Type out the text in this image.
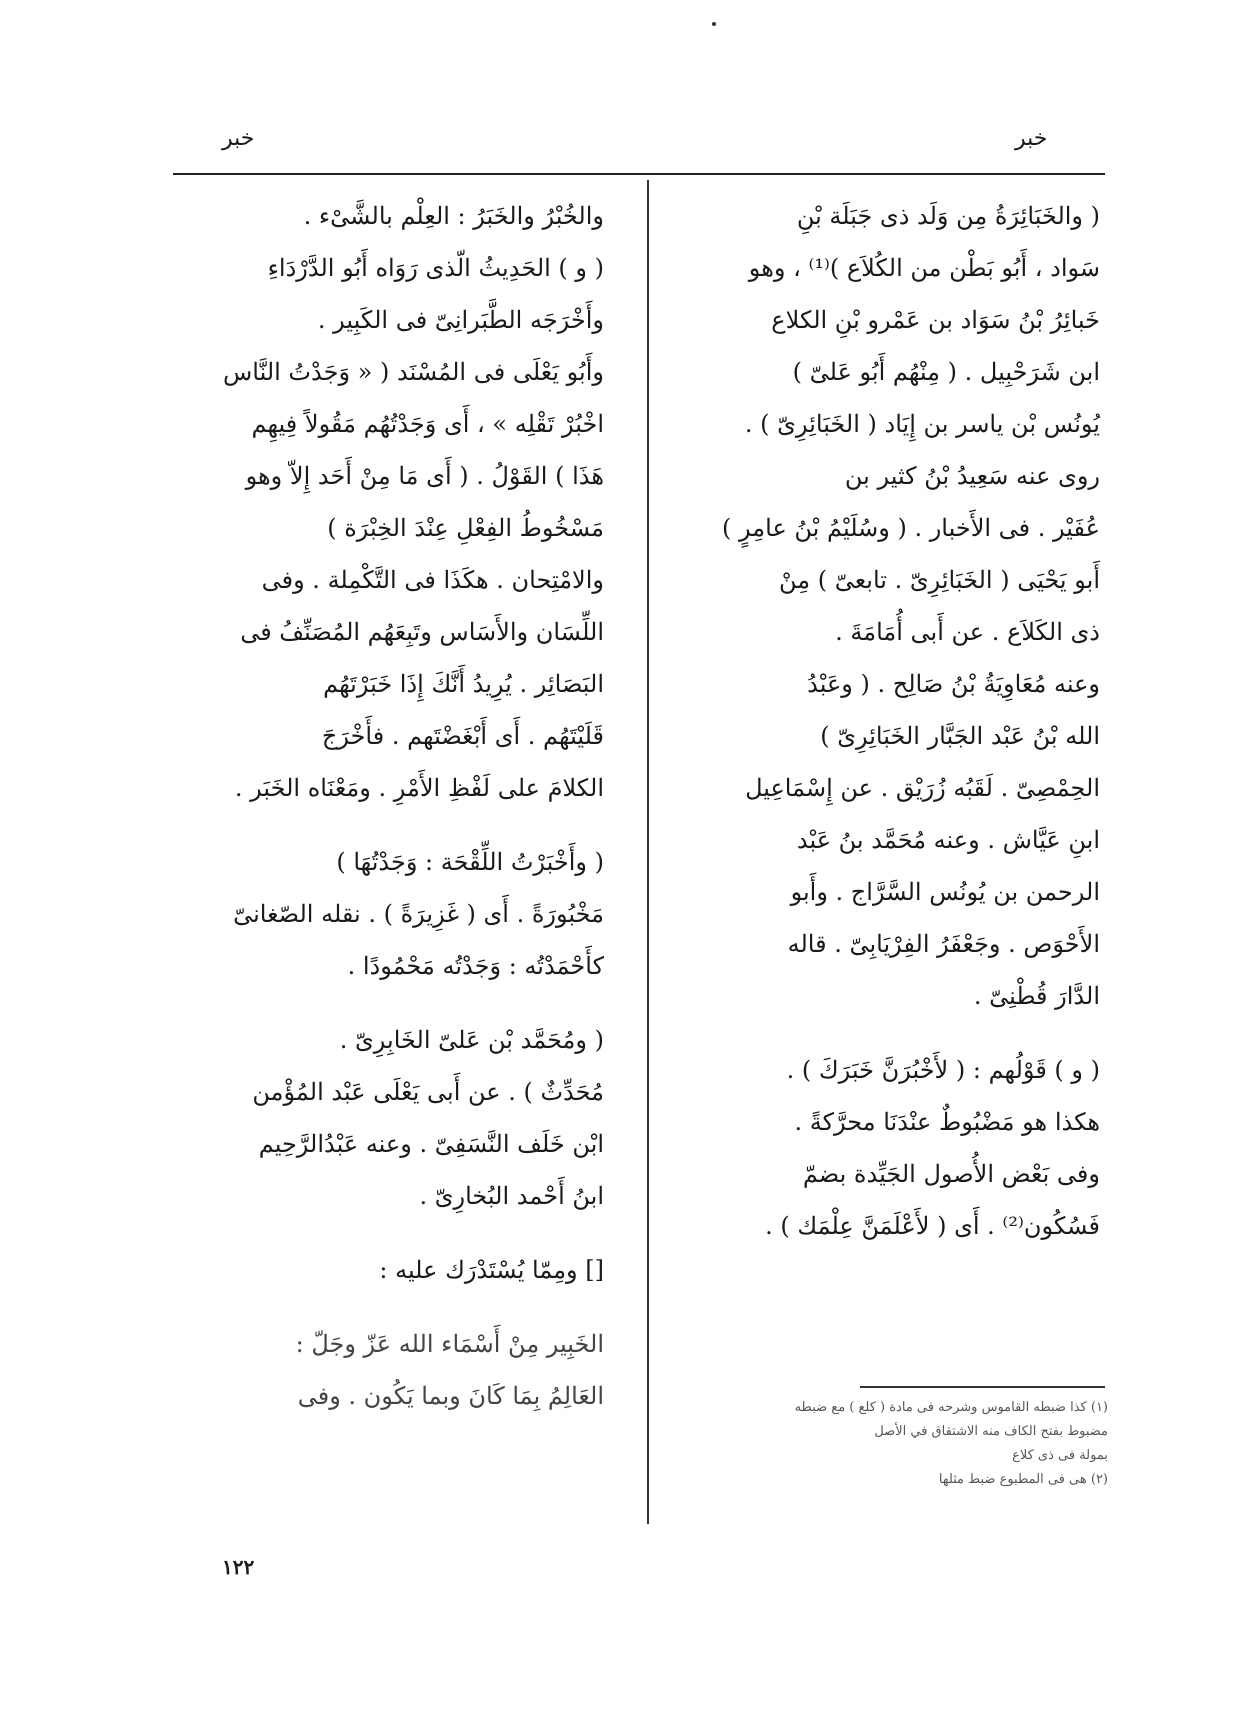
خبر
خبر

( والخَبَائِرَةُ مِن وَلَد ذى جَبَلَة بْنِ

سَواد ، أَبُو بَطْن من الكُلاَع )⁽¹⁾ ، وهو

خَبائِرُ بْنُ سَوَاد بن عَمْرو بْنِ الكلاع

ابن شَرَحْبِيل . ( مِنْهُم أَبُو عَلىّ )

يُونُس بْن ياسر بن إِيَاد ( الخَبَائِرِىّ ) .

روى عنه سَعِيدُ بْنُ كثير بن

عُفَيْر . فى الأَخبار . ( وسُلَيْمُ بْنُ عامِرٍ )

أَبو يَحْيَى ( الخَبَائِرِىّ . تابعىّ ) مِنْ

ذى الكَلاَع . عن أَبى أُمَامَةَ .

وعنه مُعَاوِيَةُ بْنُ صَالِح . ( وعَبْدُ

الله بْنُ عَبْد الجَبَّار الخَبَائِرِىّ )

الحِمْصِىّ . لَقَبُه زُرَيْق . عن إِسْمَاعِيل

ابنِ عَيَّاش . وعنه مُحَمَّد بنُ عَبْد

الرحمن بن يُونُس السَّرَّاج . وأَبو

الأَحْوَص . وجَعْفَرُ الفِرْيَابِىّ . قاله

الدَّارَ قُطْنِىّ .

( و ) قَوْلُهم : ( لأَخْبُرَنَّ خَبَرَكَ ) .

هكذا هو مَضْبُوطٌ عنْدَنَا محرَّكةً .

وفى بَعْض الأُصول الجَيِّدة بضمّ

فَسُكُون⁽²⁾ . أَى ( لأَعْلَمَنَّ عِلْمَك ) .

والخُبْرُ والخَبَرُ : العِلْم بالشَّىْء .

( و ) الحَدِيثُ الّذى رَوَاه أَبُو الدَّرْدَاءِ

وأَخْرَجَه الطَّبَرانِىّ فى الكَبِير .

وأَبُو يَعْلَى فى المُسْنَد ( « وَجَدْتُ النَّاس

اخْبُرْ تَقْلِه » ، أَى وَجَدْتُهُم مَقُولاً فِيهِم

هَذَا ) القَوْلُ . ( أَى مَا مِنْ أَحَد إِلاّ وهو

مَسْخُوطُ الفِعْلِ عِنْدَ الخِبْرَة )

والامْتِحان . هكَذَا فى التَّكْمِلة . وفى

اللِّسَان والأَسَاس وتَبِعَهُم المُصَنِّفُ فى

البَصَائِر . يُرِيدُ أَنَّكَ إِذَا خَبَرْتَهُم

قَلَيْتَهُم . أَى أَبْغَضْتَهم . فأَخْرَجَ

الكلامَ على لَفْظِ الأَمْرِ . ومَعْنَاه الخَبَر .

( وأَخْبَرْتُ اللِّقْحَة : وَجَدْتُهَا )

مَخْبُورَةً . أَى ( غَزِيرَةً ) . نقله الصّغانىّ

كأَحْمَدْتُه : وَجَدْتُه مَحْمُودًا .

( ومُحَمَّد بْن عَلىّ الخَابِرِىّ .

مُحَدِّثٌ ) . عن أَبى يَعْلَى عَبْد المُؤْمن

ابْن خَلَف النَّسَفِىّ . وعنه عَبْدُالرَّحِيم

ابنُ أَحْمد البُخارِىّ .

[] ومِمّا يُسْتَدْرَك عليه :

الخَبِير مِنْ أَسْمَاء الله عَزّ وجَلّ :

العَالِمُ بِمَا كَانَ وبما يَكُون . وفى	(١) كذا ضبطه القاموس وشرحه فى مادة ( كلع ) مع ضبطه
مضبوط بفتح الكاف منه الاشتقاق في الأصل
بمولة فى ذى كلاع
(٢) هى فى المطبوع ضبط مثلها
١٢٢
